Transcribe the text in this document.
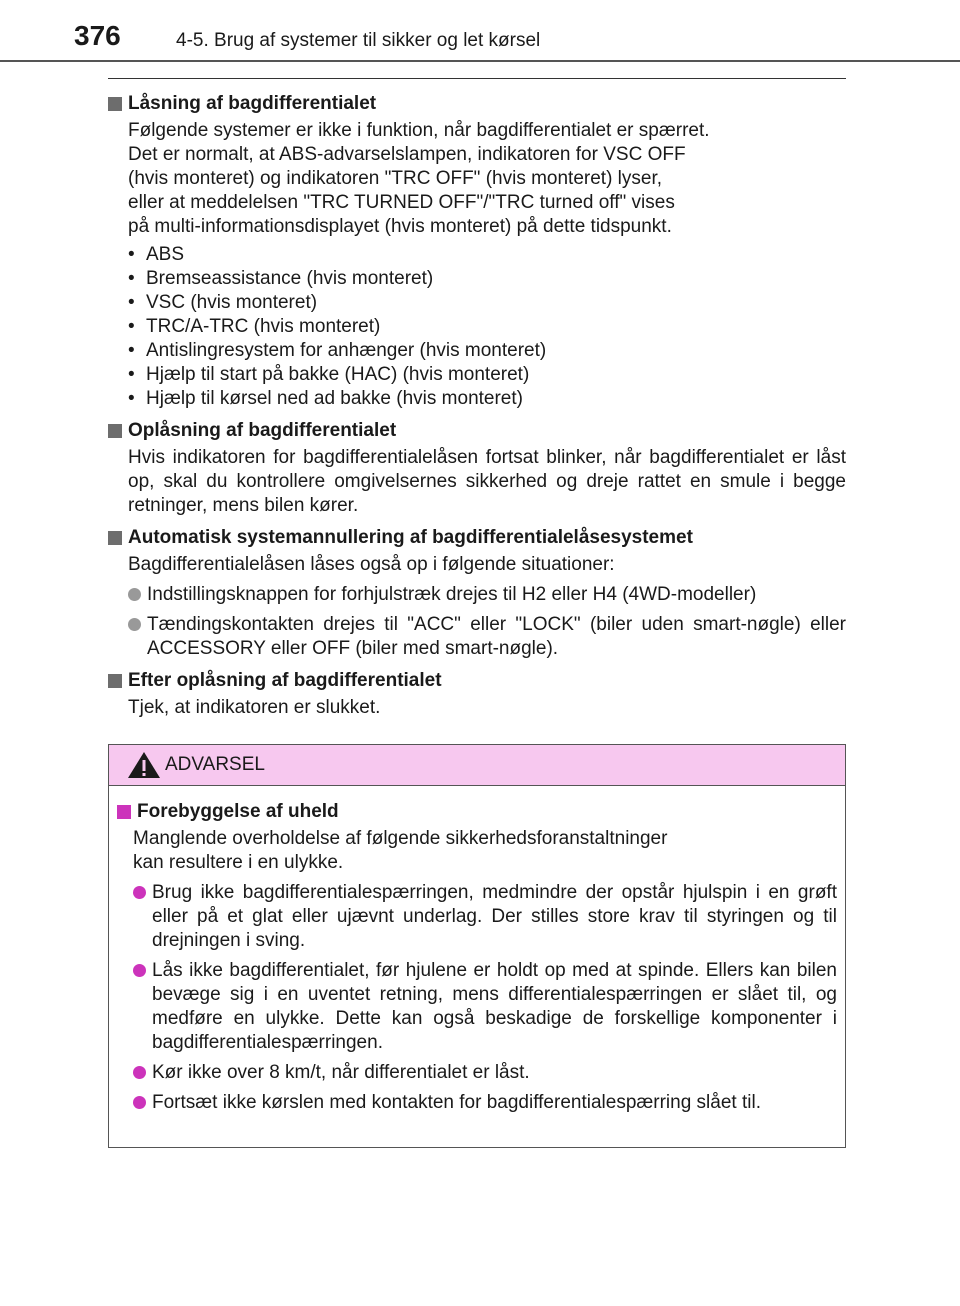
376	4-5. Brug af systemer til sikker og let kørsel
Låsning af bagdifferentialet
Følgende systemer er ikke i funktion, når bagdifferentialet er spærret.
Det er normalt, at ABS-advarselslampen, indikatoren for VSC OFF
(hvis monteret) og indikatoren "TRC OFF" (hvis monteret) lyser,
eller at meddelelsen "TRC TURNED OFF"/"TRC turned off" vises
på multi-informationsdisplayet (hvis monteret) på dette tidspunkt.
• ABS
• Bremseassistance (hvis monteret)
• VSC (hvis monteret)
• TRC/A-TRC (hvis monteret)
• Antislingresystem for anhænger (hvis monteret)
• Hjælp til start på bakke (HAC) (hvis monteret)
• Hjælp til kørsel ned ad bakke (hvis monteret)
Oplåsning af bagdifferentialet
Hvis indikatoren for bagdifferentialelåsen fortsat blinker, når bagdifferentialet er låst op, skal du kontrollere omgivelsernes sikkerhed og dreje rattet en smule i begge retninger, mens bilen kører.
Automatisk systemannullering af bagdifferentialelåsesystemet
Bagdifferentialelåsen låses også op i følgende situationer:
Indstillingsknappen for forhjulstræk drejes til H2 eller H4 (4WD-modeller)
Tændingskontakten drejes til "ACC" eller "LOCK" (biler uden smart-nøgle) eller ACCESSORY eller OFF (biler med smart-nøgle).
Efter oplåsning af bagdifferentialet
Tjek, at indikatoren er slukket.
ADVARSEL
Forebyggelse af uheld
Manglende overholdelse af følgende sikkerhedsforanstaltninger
kan resultere i en ulykke.
Brug ikke bagdifferentialespærringen, medmindre der opstår hjulspin i en grøft eller på et glat eller ujævnt underlag. Der stilles store krav til styringen og til drejningen i sving.
Lås ikke bagdifferentialet, før hjulene er holdt op med at spinde. Ellers kan bilen bevæge sig i en uventet retning, mens differentialespærringen er slået til, og medføre en ulykke. Dette kan også beskadige de forskellige komponenter i bagdifferentialespærringen.
Kør ikke over 8 km/t, når differentialet er låst.
Fortsæt ikke kørslen med kontakten for bagdifferentialespærring slået til.
